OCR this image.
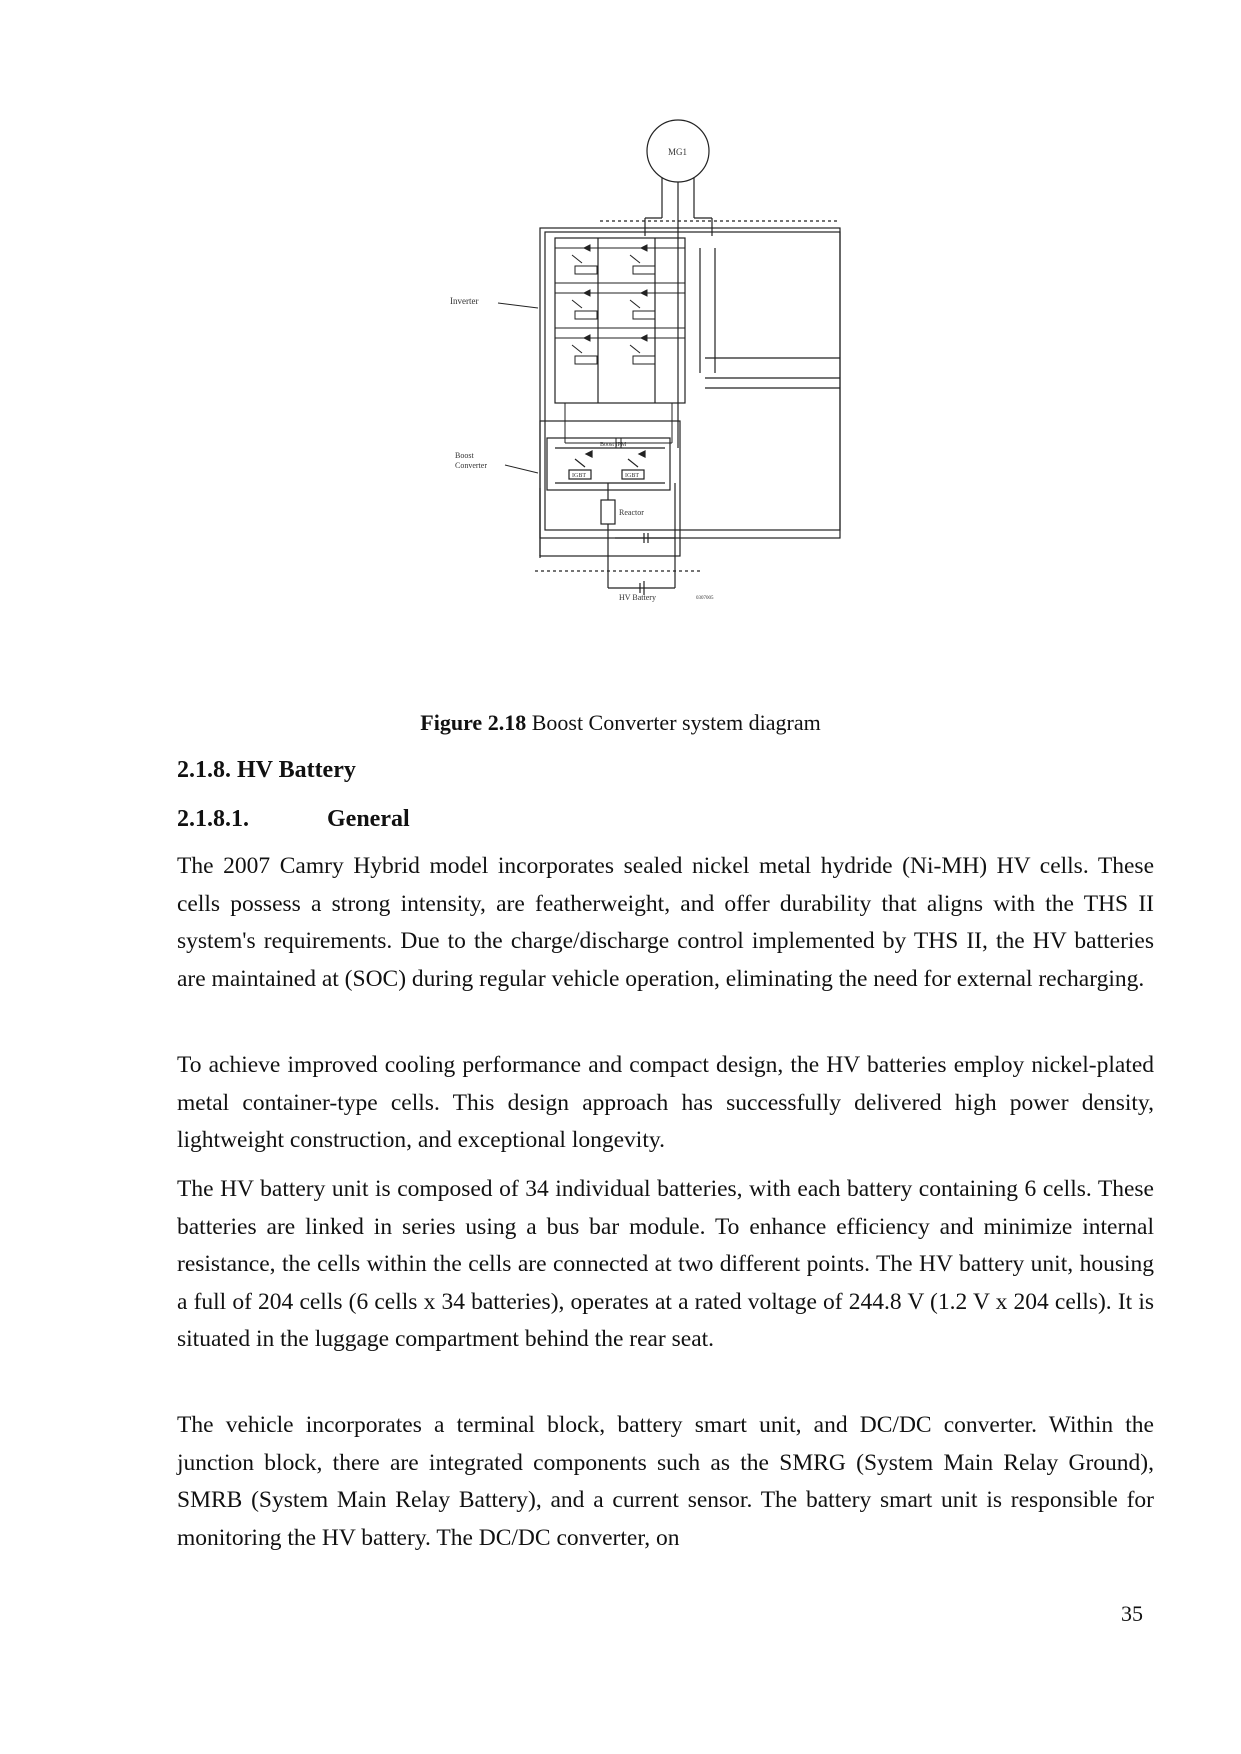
Inverter
Boost
Converter
Boost IPM
IGBT	IGBT
Reactor
HV Battery	0307005
MG1
Figure 2.18 Boost Converter system diagram
2.1.8. HV Battery
2.1.8.1.	General

The 2007 Camry Hybrid model incorporates sealed nickel metal hydride (Ni-MH) HV cells. These cells possess a strong intensity, are featherweight, and offer durability that aligns with the THS II system's requirements. Due to the charge/discharge control implemented by THS II, the HV batteries are maintained at (SOC) during regular vehicle operation, eliminating the need for external recharging.

To achieve improved cooling performance and compact design, the HV batteries employ nickel-plated metal container-type cells. This design approach has successfully delivered high power density, lightweight construction, and exceptional longevity.

The HV battery unit is composed of 34 individual batteries, with each battery containing 6 cells. These batteries are linked in series using a bus bar module. To enhance efficiency and minimize internal resistance, the cells within the cells are connected at two different points. The HV battery unit, housing a full of 204 cells (6 cells x 34 batteries), operates at a rated voltage of 244.8 V (1.2 V x 204 cells). It is situated in the luggage compartment behind the rear seat.

The vehicle incorporates a terminal block, battery smart unit, and DC/DC converter. Within the junction block, there are integrated components such as the SMRG (System Main Relay Ground), SMRB (System Main Relay Battery), and a current sensor. The battery smart unit is responsible for monitoring the HV battery. The DC/DC converter, on

35
